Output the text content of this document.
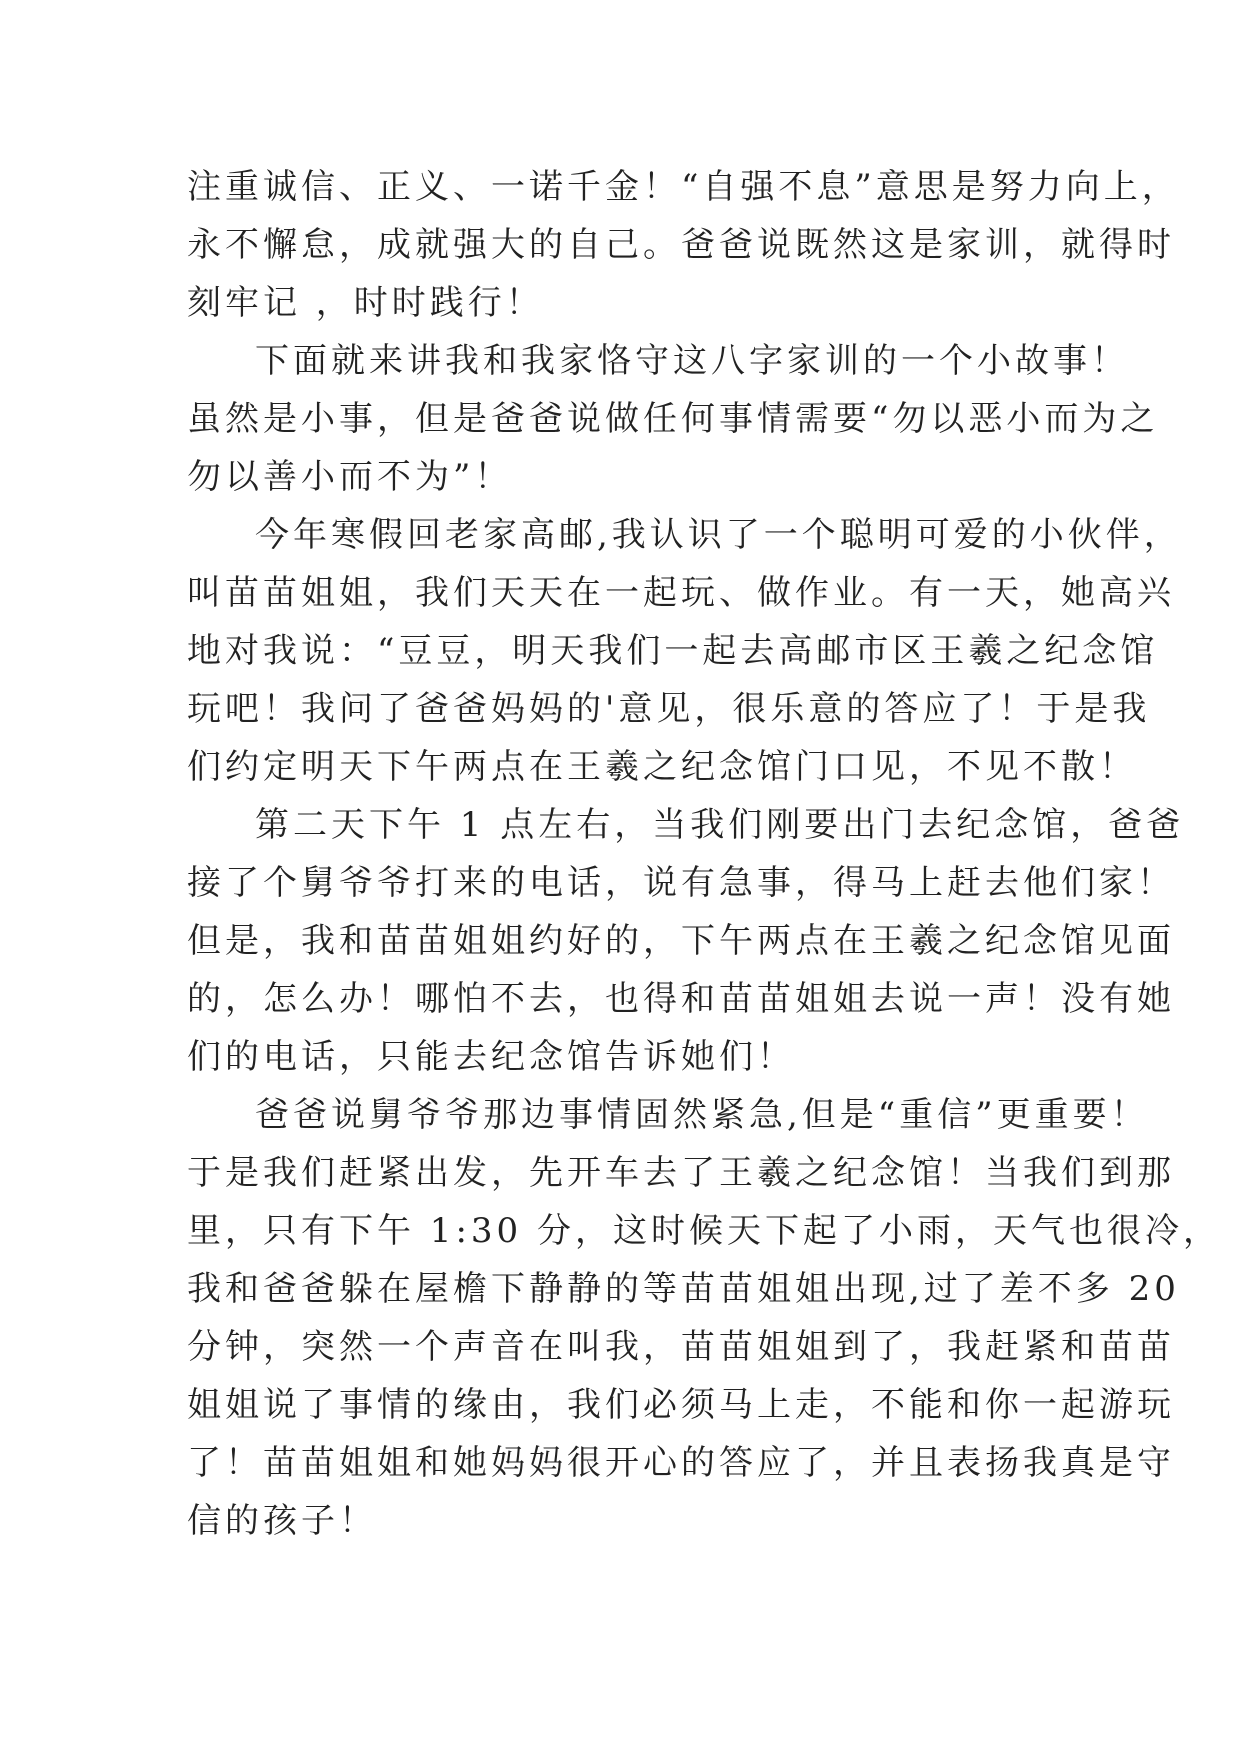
注重诚信、正义、一诺千金！“自强不息”意思是努力向上，
永不懈怠，成就强大的自己。爸爸说既然这是家训，就得时
刻牢记 ，时时践行！
下面就来讲我和我家恪守这八字家训的一个小故事！
虽然是小事，但是爸爸说做任何事情需要“勿以恶小而为之
勿以善小而不为”！
今年寒假回老家高邮,我认识了一个聪明可爱的小伙伴，
叫苗苗姐姐，我们天天在一起玩、做作业。有一天，她高兴
地对我说：“豆豆，明天我们一起去高邮市区王羲之纪念馆
玩吧！我问了爸爸妈妈的'意见，很乐意的答应了！于是我
们约定明天下午两点在王羲之纪念馆门口见，不见不散！
第二天下午 1 点左右，当我们刚要出门去纪念馆，爸爸
接了个舅爷爷打来的电话，说有急事，得马上赶去他们家！
但是，我和苗苗姐姐约好的，下午两点在王羲之纪念馆见面
的，怎么办！哪怕不去，也得和苗苗姐姐去说一声！没有她
们的电话，只能去纪念馆告诉她们！
爸爸说舅爷爷那边事情固然紧急,但是“重信”更重要！
于是我们赶紧出发，先开车去了王羲之纪念馆！当我们到那
里，只有下午 1:30 分，这时候天下起了小雨，天气也很冷，
我和爸爸躲在屋檐下静静的等苗苗姐姐出现,过了差不多 20
分钟，突然一个声音在叫我，苗苗姐姐到了，我赶紧和苗苗
姐姐说了事情的缘由，我们必须马上走，不能和你一起游玩
了！苗苗姐姐和她妈妈很开心的答应了，并且表扬我真是守
信的孩子！
